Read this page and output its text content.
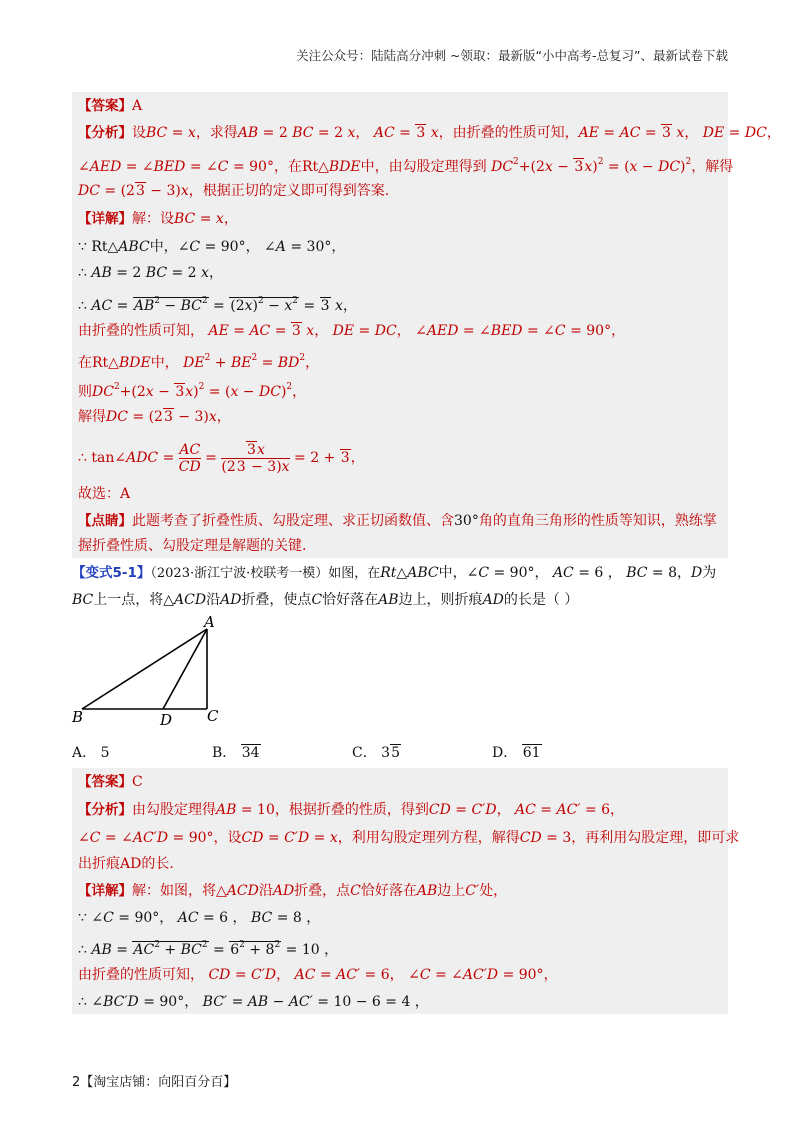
关注公众号：陆陆高分冲刺 ~领取：最新版“小中高考-总复习”、最新试卷下载
【答案】A
【分析】设BC = x，求得AB = 2 BC = 2 x， AC = 3 x，由折叠的性质可知，AE = AC = 3 x， DE = DC，
∠AED = ∠BED = ∠C = 90°，在Rt△BDE中，由勾股定理得到 $DC^2+(2x - 3x)^2 = (x - DC)^2$，解得
DC = (23 − 3)x，根据正切的定义即可得到答案.
【详解】解：设BC = x，
∵ Rt△ABC中，∠C = 90°， ∠A = 30°，
∴ AB = 2 BC = 2 x，
∴ AC = $AB^2 - BC^2 = (2x)^2 - x^2 = 3$ x，
由折叠的性质可知， AE = AC = 3 x， DE = DC， ∠AED = ∠BED = ∠C = 90°，
在Rt△BDE中， $DE^2 + BE^2 = BD^2$，
则$DC^2+(2x - 3x)^2 = (x - DC)^2$，
解得DC = (23 − 3)x，
∴ tan∠ADC = $\frac{AC}{CD} = \frac{3x}{(23 - 3)x} = 2 + 3$，
故选：A
【点睛】此题考查了折叠性质、勾股定理、求正切函数值、含30°角的直角三角形的性质等知识，熟练掌
握折叠性质、勾股定理是解题的关键.
【变式5-1】（2023·浙江宁波·校联考一模）如图，在Rt△ABC中，∠C = 90°， AC = 6 ， BC = 8，D为
BC上一点，将△ACD沿AD折叠，使点C恰好落在AB边上，则折痕AD的长是（ ）
A
B	C
D
A． 5	B． 34	C． 35	D． 61
【答案】C
【分析】由勾股定理得AB = 10，根据折叠的性质，得到CD = C′D， AC = AC′ = 6，
∠C = ∠AC′D = 90°，设CD = C′D = x，利用勾股定理列方程，解得CD = 3，再利用勾股定理，即可求
出折痕AD的长.
【详解】解：如图，将△ACD沿AD折叠，点C恰好落在AB边上C′处，
∵ ∠C = 90°， AC = 6 ， BC = 8 ，
∴ AB = $AC^2 + BC^2 = 6^2 + 8^2 = 10$ ，
由折叠的性质可知， CD = C′D， AC = AC′ = 6， ∠C = ∠AC′D = 90°，
∴ ∠BC′D = 90°， BC′ = AB − AC′ = 10 − 6 = 4 ，
2【淘宝店铺：向阳百分百】
